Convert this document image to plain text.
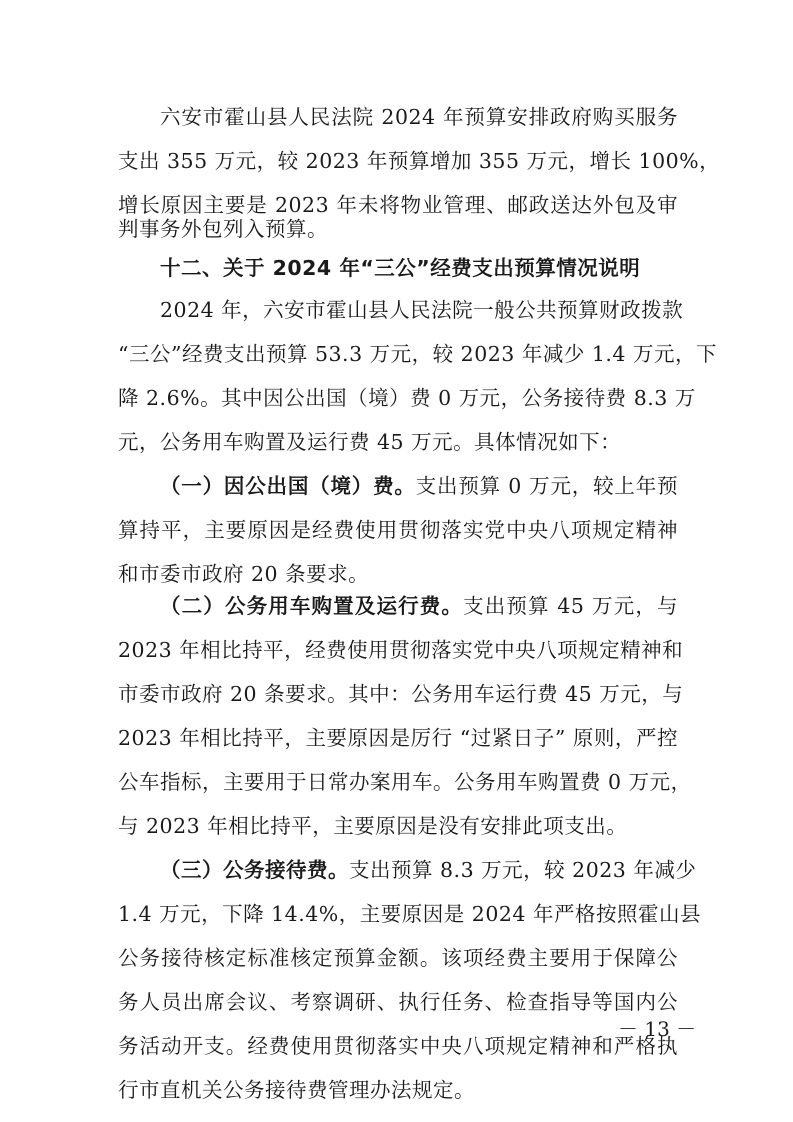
六安市霍山县人民法院 2024 年预算安排政府购买服务
支出 355 万元，较 2023 年预算增加 355 万元，增长 100%，
增长原因主要是 2023 年未将物业管理、邮政送达外包及审
判事务外包列入预算。
十二、关于 2024 年“三公”经费支出预算情况说明
2024 年，六安市霍山县人民法院一般公共预算财政拨款
“三公”经费支出预算 53.3 万元，较 2023 年减少 1.4 万元，下
降 2.6%。其中因公出国（境）费 0 万元，公务接待费 8.3 万
元，公务用车购置及运行费 45 万元。具体情况如下：
（一）因公出国（境）费。支出预算 0 万元，较上年预
算持平，主要原因是经费使用贯彻落实党中央八项规定精神
和市委市政府 20 条要求。
（二）公务用车购置及运行费。支出预算 45 万元，与
2023 年相比持平，经费使用贯彻落实党中央八项规定精神和
市委市政府 20 条要求。其中：公务用车运行费 45 万元，与
2023 年相比持平，主要原因是厉行 “过紧日子” 原则，严控
公车指标，主要用于日常办案用车。公务用车购置费 0 万元，
与 2023 年相比持平，主要原因是没有安排此项支出。
（三）公务接待费。支出预算 8.3 万元，较 2023 年减少
1.4 万元，下降 14.4%，主要原因是 2024 年严格按照霍山县
公务接待核定标准核定预算金额。该项经费主要用于保障公
务人员出席会议、考察调研、执行任务、检查指导等国内公
－ 13 －
务活动开支。经费使用贯彻落实中央八项规定精神和严格执
行市直机关公务接待费管理办法规定。
